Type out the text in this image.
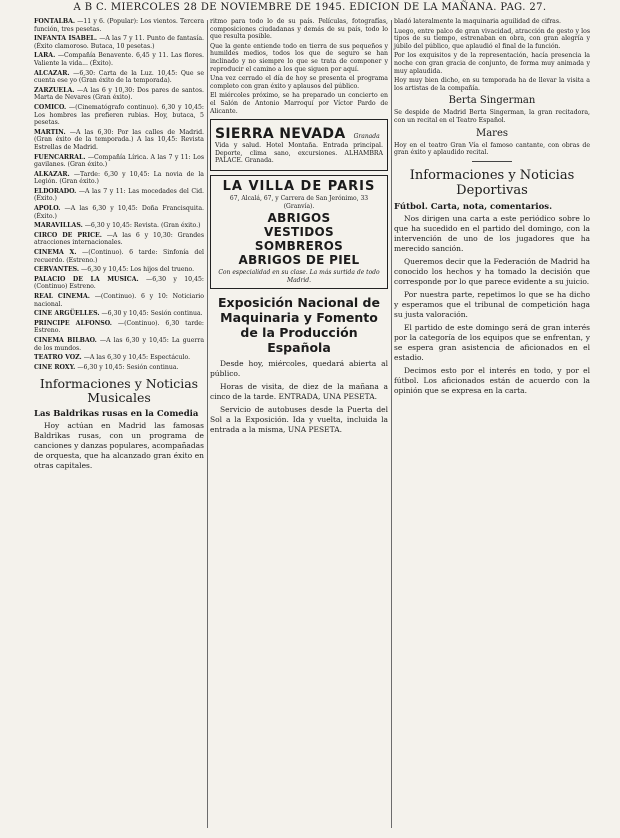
A B C. MIERCOLES 28 DE NOVIEMBRE DE 1945. EDICION DE LA MAÑANA. PAG. 27.

FONTALBA. —11 y 6. (Popular): Los vientos. Tercera función, tres pesetas.

INFANTA ISABEL. —A las 7 y 11. Punto de fantasía. (Éxito clamoroso. Butaca, 10 pesetas.)

LARA. —Compañía Benavente. 6,45 y 11. Las flores. Valiente la vida... (Éxito).

ALCAZAR. —6,30: Carta de la Luz. 10,45: Que se cuenta ese yo (Gran éxito de la temporada).

ZARZUELA. —A las 6 y 10,30: Dos pares de santos. Marta de Nevares (Gran éxito).

COMICO. —(Cinematógrafo continuo). 6,30 y 10,45: Los hombres las prefieren rubias. Hoy, butaca, 5 pesetas.

MARTIN. —A las 6,30: Por las calles de Madrid. (Gran éxito de la temporada.) A las 10,45: Revista Estrellas de Madrid.

FUENCARRAL. —Compañía Lírica. A las 7 y 11: Los gavilanes. (Gran éxito.)

ALKAZAR. —Tarde: 6,30 y 10,45: La novia de la Legión. (Gran éxito.)

ELDORADO. —A las 7 y 11: Las mocedades del Cid. (Éxito.)

APOLO. —A las 6,30 y 10,45: Doña Francisquita. (Éxito.)

MARAVILLAS. —6,30 y 10,45: Revista. (Gran éxito.)

CIRCO DE PRICE. —A las 6 y 10,30: Grandes atracciones internacionales.

CINEMA X. —(Continuo). 6 tarde: Sinfonía del recuerdo. (Estreno.)

CERVANTES. —6,30 y 10,45: Los hijos del trueno.

PALACIO DE LA MUSICA. —6,30 y 10,45: (Continuo) Estreno.

REAL CINEMA. —(Continuo). 6 y 10: Noticiario nacional.

CINE ARGÜELLES. —6,30 y 10,45: Sesión continua.

PRINCIPE ALFONSO. —(Continuo). 6,30 tarde: Estreno.

CINEMA BILBAO. —A las 6,30 y 10,45: La guerra de los mundos.

TEATRO VOZ. —A las 6,30 y 10,45: Espectáculo.

CINE ROXY. —6,30 y 10,45: Sesión continua.

Informaciones y Noticias Musicales
Las Baldrikas rusas en la Comedia

Hoy actúan en Madrid las famosas Baldrikas rusas, con un programa de canciones y danzas populares, acompañadas de orquesta, que ha alcanzado gran éxito en otras capitales.

ritmo para todo lo de su país. Películas, fotografías, composiciones ciudadanas y demás de su país, todo lo que resulta posible.

Que la gente entiende todo en tierra de sus pequeños y humildes medios, todos los que de seguro se han inclinado y no siempre lo que se trata de componer y reproducir el camino a los que siguen por aquí.

Una vez cerrado el día de hoy se presenta el programa completo con gran éxito y aplausos del público.

El miércoles próximo, se ha preparado un concierto en el Salón de Antonio Marroquí por Víctor Pardo de Alicante.

SIERRA NEVADA Granada

Vida y salud. Hotel Montaña. Entrada principal. Deporte, clima sano, excursiones. ALHAMBRA PALACE. Granada.

LA VILLA DE PARIS
67, Alcalá, 67, y Carrera de San Jerónimo, 33 (Granvía).
ABRIGOS
VESTIDOS
SOMBREROS
ABRIGOS DE PIEL
Con especialidad en su clase. La más surtida de todo Madrid.
Exposición Nacional de Maquinaria y Fomento de la Producción Española

Desde hoy, miércoles, quedará abierta al público.

Horas de visita, de diez de la mañana a cinco de la tarde. ENTRADA, UNA PESETA.

Servicio de autobuses desde la Puerta del Sol a la Exposición. Ida y vuelta, incluida la entrada a la misma, UNA PESETA.

bladó lateralmente la maquinaria aguilidad de cifras.

Luego, entre palco de gran vivacidad, atracción de gesto y los tipos de su tiempo, estrenaban en obra, con gran alegría y júbilo del público, que aplaudió el final de la función.

Por los exquisitos y de la representación, hacía presencia la noche con gran gracia de conjunto, de forma muy animada y muy aplaudida.

Hoy muy bien dicho, en su temporada ha de llevar la visita a los artistas de la compañía.

Berta Singerman

Se despide de Madrid Berta Singerman, la gran recitadora, con un recital en el Teatro Español.

Mares

Hoy en el teatro Gran Vía el famoso cantante, con obras de gran éxito y aplaudido recital.

Informaciones y Noticias Deportivas
Fútbol. Carta, nota, comentarios.

Nos dirigen una carta a este periódico sobre lo que ha sucedido en el partido del domingo, con la intervención de uno de los jugadores que ha merecido sanción.

Queremos decir que la Federación de Madrid ha conocido los hechos y ha tomado la decisión que corresponde por lo que parece evidente a su juicio.

Por nuestra parte, repetimos lo que se ha dicho y esperamos que el tribunal de competición haga su justa valoración.

El partido de este domingo será de gran interés por la categoría de los equipos que se enfrentan, y se espera gran asistencia de aficionados en el estadio.

Decimos esto por el interés en todo, y por el fútbol. Los aficionados están de acuerdo con la opinión que se expresa en la carta.
